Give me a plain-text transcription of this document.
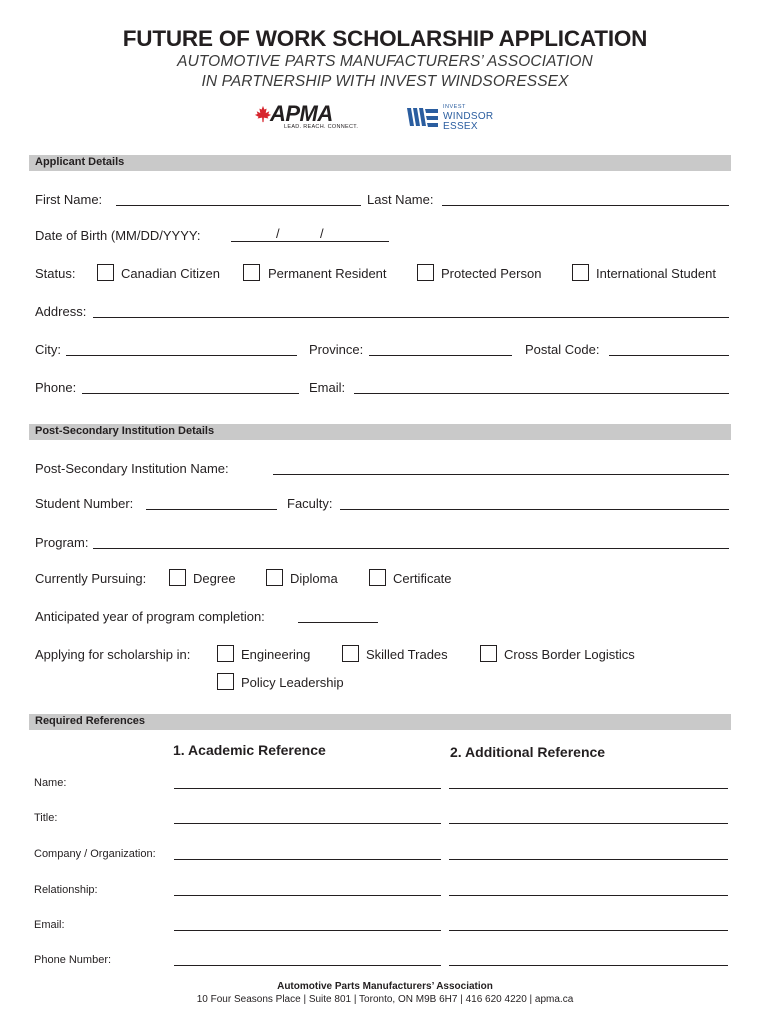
FUTURE OF WORK SCHOLARSHIP APPLICATION
AUTOMOTIVE PARTS MANUFACTURERS’ ASSOCIATION
IN PARTNERSHIP WITH INVEST WINDSORESSEX
APMA
LEAD. REACH. CONNECT.
INVEST
WINDSOR
ESSEX
Applicant Details
First Name:	Last Name:
Date of Birth (MM/DD/YYYY:	/	/
Status:	Canadian Citizen	Permanent Resident	Protected Person	International Student
Address:
City:	Province:	Postal Code:
Phone:	Email:
Post-Secondary Institution Details
Post-Secondary Institution Name:
Student Number:	Faculty:
Program:
Currently Pursuing:	Degree	Diploma	Certificate
Anticipated year of program completion:
Applying for scholarship in:	Engineering	Skilled Trades	Cross Border Logistics
Policy Leadership
Required References
1. Academic Reference	2. Additional Reference
Name:
Title:
Company / Organization:
Relationship:
Email:
Phone Number:
Automotive Parts Manufacturers’ Association
10 Four Seasons Place | Suite 801 | Toronto, ON M9B 6H7 | 416 620 4220 | apma.ca
